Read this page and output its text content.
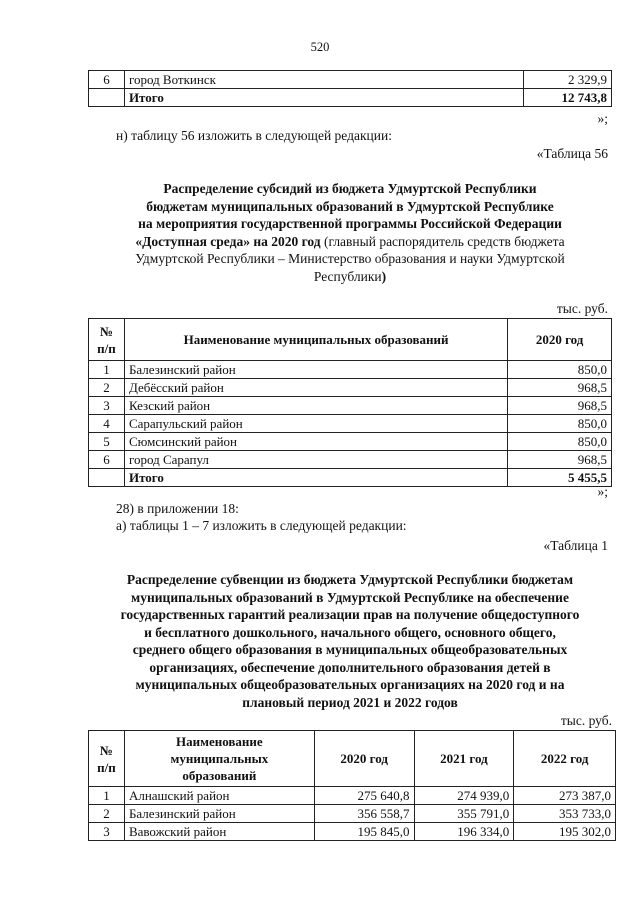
520
6	город Воткинск	2 329,9
	Итого	12 743,8
»;
н) таблицу 56 изложить в следующей редакции:
«Таблица 56
Распределение субсидий из бюджета Удмуртской Республики
бюджетам муниципальных образований в Удмуртской Республике
на мероприятия государственной программы Российской Федерации
«Доступная среда» на 2020 год (главный распорядитель средств бюджета
Удмуртской Республики – Министерство образования и науки Удмуртской
Республики)
тыс. руб.
№ п/п	Наименование муниципальных образований	2020 год
1	Балезинский район	850,0
2	Дебёсский район	968,5
3	Кезский район	968,5
4	Сарапульский район	850,0
5	Сюмсинский район	850,0
6	город Сарапул	968,5
	Итого	5 455,5
»;
28) в приложении 18:
а) таблицы 1 – 7 изложить в следующей редакции:
«Таблица 1
Распределение субвенции из бюджета Удмуртской Республики бюджетам
муниципальных образований в Удмуртской Республике на обеспечение
государственных гарантий реализации прав на получение общедоступного
и бесплатного дошкольного, начального общего, основного общего,
среднего общего образования в муниципальных общеобразовательных
организациях, обеспечение дополнительного образования детей в
муниципальных общеобразовательных организациях на 2020 год и на
плановый период 2021 и 2022 годов
тыс. руб.
№ п/п	Наименование муниципальных образований	2020 год	2021 год	2022 год
1	Алнашский район	275 640,8	274 939,0	273 387,0
2	Балезинский район	356 558,7	355 791,0	353 733,0
3	Вавожский район	195 845,0	196 334,0	195 302,0
